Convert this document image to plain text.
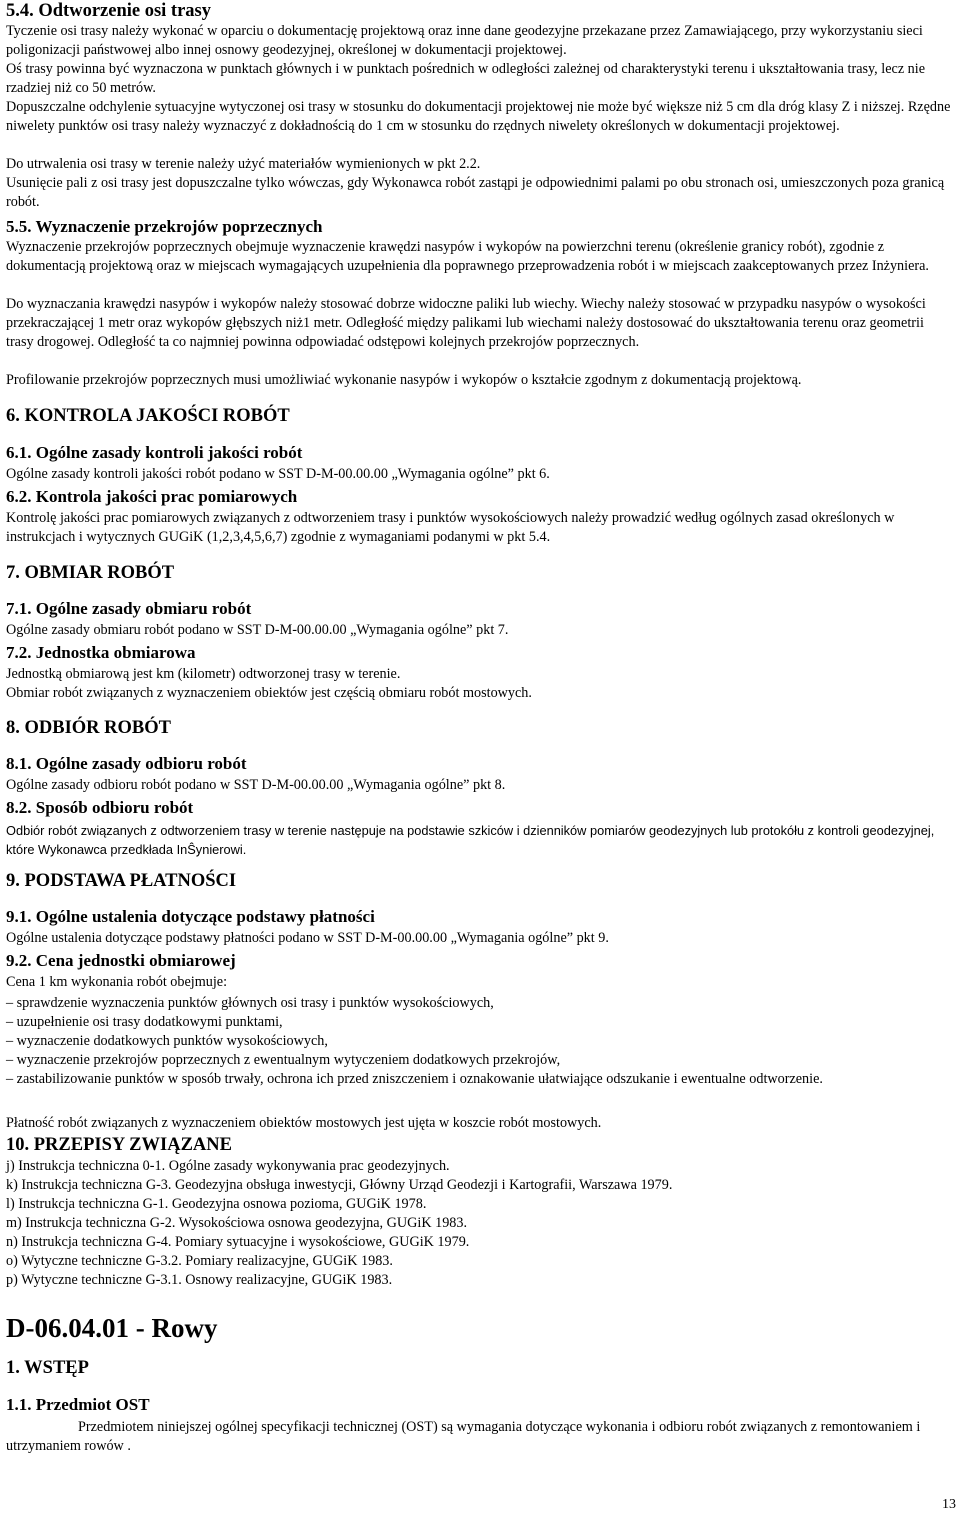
5.4. Odtworzenie osi trasy
Tyczenie osi trasy należy wykonać w oparciu o dokumentację projektową oraz inne dane geodezyjne przekazane przez Zamawiającego, przy wykorzystaniu sieci poligonizacji państwowej albo innej osnowy geodezyjnej, określonej w dokumentacji projektowej.
Oś trasy powinna być wyznaczona w punktach głównych i w punktach pośrednich w odległości zależnej od charakterystyki terenu i ukształtowania trasy, lecz nie rzadziej niż co 50 metrów.
Dopuszczalne odchylenie sytuacyjne wytyczonej osi trasy w stosunku do dokumentacji projektowej nie może być większe niż 5 cm dla dróg klasy Z i niższej. Rzędne niwelety punktów osi trasy należy wyznaczyć z dokładnością do 1 cm w stosunku do rzędnych niwelety określonych w dokumentacji projektowej.
Do utrwalenia osi trasy w terenie należy użyć materiałów wymienionych w pkt 2.2.
Usunięcie pali z osi trasy jest dopuszczalne tylko wówczas, gdy Wykonawca robót zastąpi je odpowiednimi palami po obu stronach osi, umieszczonych poza granicą robót.
5.5. Wyznaczenie przekrojów poprzecznych
Wyznaczenie przekrojów poprzecznych obejmuje wyznaczenie krawędzi nasypów i wykopów na powierzchni terenu (określenie granicy robót), zgodnie z dokumentacją projektową oraz w miejscach wymagających uzupełnienia dla poprawnego przeprowadzenia robót i w miejscach zaakceptowanych przez Inżyniera.
Do wyznaczania krawędzi nasypów i wykopów należy stosować dobrze widoczne paliki lub wiechy. Wiechy należy stosować w przypadku nasypów o wysokości przekraczającej 1 metr oraz wykopów głębszych niż1 metr. Odległość między palikami lub wiechami należy dostosować do ukształtowania terenu oraz geometrii trasy drogowej. Odległość ta co najmniej powinna odpowiadać odstępowi kolejnych przekrojów poprzecznych.
Profilowanie przekrojów poprzecznych musi umożliwiać wykonanie nasypów i wykopów o kształcie zgodnym z dokumentacją projektową.
6. KONTROLA JAKOŚCI ROBÓT
6.1. Ogólne zasady kontroli jakości robót
Ogólne zasady kontroli jakości robót podano w SST D-M-00.00.00 „Wymagania ogólne” pkt 6.
6.2. Kontrola jakości prac pomiarowych
Kontrolę jakości prac pomiarowych związanych z odtworzeniem trasy i punktów wysokościowych należy prowadzić według ogólnych zasad określonych w instrukcjach i wytycznych GUGiK (1,2,3,4,5,6,7) zgodnie z wymaganiami podanymi w pkt 5.4.
7. OBMIAR ROBÓT
7.1. Ogólne zasady obmiaru robót
Ogólne zasady obmiaru robót podano w SST D-M-00.00.00 „Wymagania ogólne” pkt 7.
7.2. Jednostka obmiarowa
Jednostką obmiarową jest km (kilometr) odtworzonej trasy w terenie.
Obmiar robót związanych z wyznaczeniem obiektów jest częścią obmiaru robót mostowych.
8. ODBIÓR ROBÓT
8.1. Ogólne zasady odbioru robót
Ogólne zasady odbioru robót podano w SST D-M-00.00.00 „Wymagania ogólne” pkt 8.
8.2. Sposób odbioru robót
Odbiór robót związanych z odtworzeniem trasy w terenie następuje na podstawie szkiców i dzienników pomiarów geodezyjnych lub protokółu z kontroli geodezyjnej, które Wykonawca przedkłada InŜynierowi.
9. PODSTAWA PŁATNOŚCI
9.1. Ogólne ustalenia dotyczące podstawy płatności
Ogólne ustalenia dotyczące podstawy płatności podano w SST D-M-00.00.00 „Wymagania ogólne” pkt 9.
9.2. Cena jednostki obmiarowej
Cena 1 km wykonania robót obejmuje:
– sprawdzenie wyznaczenia punktów głównych osi trasy i punktów wysokościowych,
– uzupełnienie osi trasy dodatkowymi punktami,
– wyznaczenie dodatkowych punktów wysokościowych,
– wyznaczenie przekrojów poprzecznych z ewentualnym wytyczeniem dodatkowych przekrojów,
– zastabilizowanie punktów w sposób trwały, ochrona ich przed zniszczeniem i oznakowanie ułatwiające odszukanie i ewentualne odtworzenie.
Płatność robót związanych z wyznaczeniem obiektów mostowych jest ujęta w koszcie robót mostowych.
10. PRZEPISY ZWIĄZANE
j) Instrukcja techniczna 0-1. Ogólne zasady wykonywania prac geodezyjnych.
k) Instrukcja techniczna G-3. Geodezyjna obsługa inwestycji, Główny Urząd Geodezji i Kartografii, Warszawa 1979.
l) Instrukcja techniczna G-1. Geodezyjna osnowa pozioma, GUGiK 1978.
m) Instrukcja techniczna G-2. Wysokościowa osnowa geodezyjna, GUGiK 1983.
n) Instrukcja techniczna G-4. Pomiary sytuacyjne i wysokościowe, GUGiK 1979.
o) Wytyczne techniczne G-3.2. Pomiary realizacyjne, GUGiK 1983.
p) Wytyczne techniczne G-3.1. Osnowy realizacyjne, GUGiK 1983.
D-06.04.01 - Rowy
1. WSTĘP
1.1. Przedmiot OST
Przedmiotem niniejszej ogólnej specyfikacji technicznej (OST) są wymagania dotyczące wykonania i odbioru robót związanych z remontowaniem i utrzymaniem rowów .
13
